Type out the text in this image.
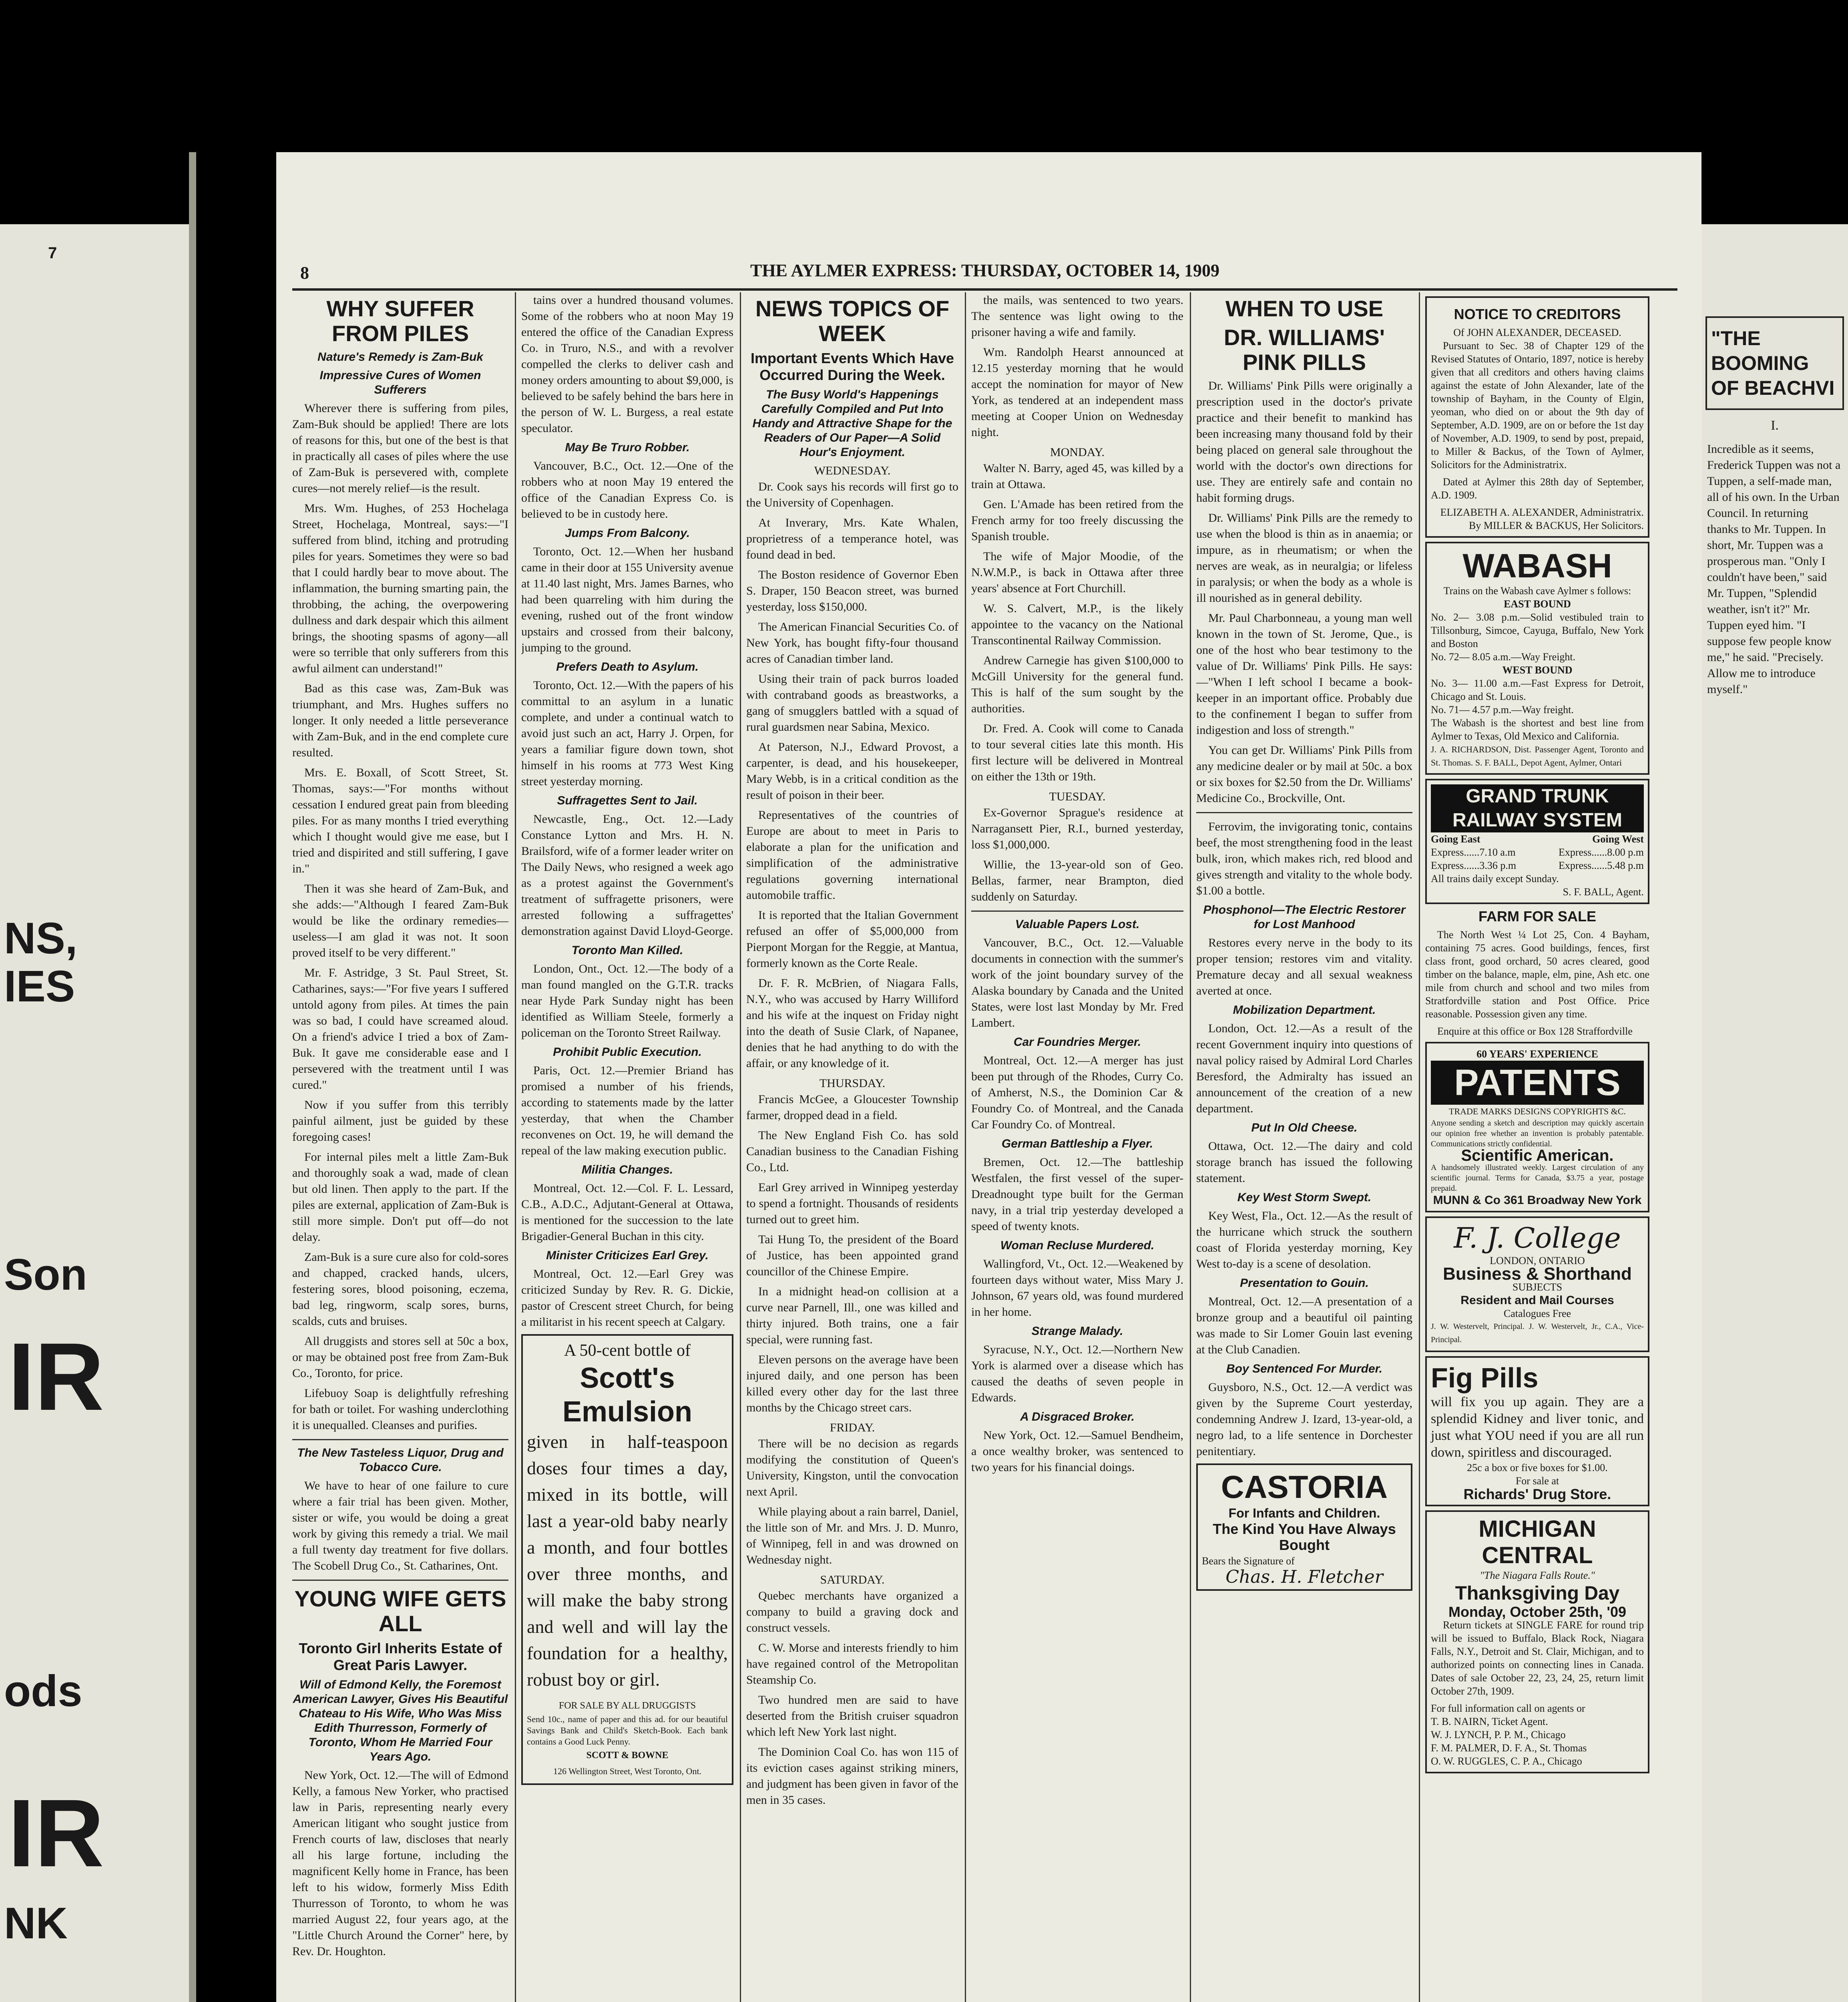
7
NS,
IES
Son
IR
ods
IR
NK
8	THE AYLMER EXPRESS: THURSDAY, OCTOBER 14, 1909
WHY SUFFER FROM PILES
Nature's Remedy is Zam-Buk
Impressive Cures of Women Sufferers

Wherever there is suffering from piles, Zam-Buk should be applied! There are lots of reasons for this, but one of the best is that in practically all cases of piles where the use of Zam-Buk is persevered with, complete cures—not merely relief—is the result.

Mrs. Wm. Hughes, of 253 Hochelaga Street, Hochelaga, Montreal, says:—"I suffered from blind, itching and protruding piles for years. Sometimes they were so bad that I could hardly bear to move about. The inflammation, the burning smarting pain, the throbbing, the aching, the overpowering dullness and dark despair which this ailment brings, the shooting spasms of agony—all were so terrible that only sufferers from this awful ailment can understand!"

Bad as this case was, Zam-Buk was triumphant, and Mrs. Hughes suffers no longer. It only needed a little perseverance with Zam-Buk, and in the end complete cure resulted.

Mrs. E. Boxall, of Scott Street, St. Thomas, says:—"For months without cessation I endured great pain from bleeding piles. For as many months I tried everything which I thought would give me ease, but I tried and dispirited and still suffering, I gave in."

Then it was she heard of Zam-Buk, and she adds:—"Although I feared Zam-Buk would be like the ordinary remedies—useless—I am glad it was not. It soon proved itself to be very different."

Mr. F. Astridge, 3 St. Paul Street, St. Catharines, says:—"For five years I suffered untold agony from piles. At times the pain was so bad, I could have screamed aloud. On a friend's advice I tried a box of Zam-Buk. It gave me considerable ease and I persevered with the treatment until I was cured."

Now if you suffer from this terribly painful ailment, just be guided by these foregoing cases!

For internal piles melt a little Zam-Buk and thoroughly soak a wad, made of clean but old linen. Then apply to the part. If the piles are external, application of Zam-Buk is still more simple. Don't put off—do not delay.

Zam-Buk is a sure cure also for cold-sores and chapped, cracked hands, ulcers, festering sores, blood poisoning, eczema, bad leg, ringworm, scalp sores, burns, scalds, cuts and bruises.

All druggists and stores sell at 50c a box, or may be obtained post free from Zam-Buk Co., Toronto, for price.

Lifebuoy Soap is delightfully refreshing for bath or toilet. For washing underclothing it is unequalled. Cleanses and purifies.

The New Tasteless Liquor, Drug and Tobacco Cure.

We have to hear of one failure to cure where a fair trial has been given. Mother, sister or wife, you would be doing a great work by giving this remedy a trial. We mail a full twenty day treatment for five dollars. The Scobell Drug Co., St. Catharines, Ont.

YOUNG WIFE GETS ALL
Toronto Girl Inherits Estate of Great Paris Lawyer.
Will of Edmond Kelly, the Foremost American Lawyer, Gives His Beautiful Chateau to His Wife, Who Was Miss Edith Thurresson, Formerly of Toronto, Whom He Married Four Years Ago.

New York, Oct. 12.—The will of Edmond Kelly, a famous New Yorker, who practised law in Paris, representing nearly every American litigant who sought justice from French courts of law, discloses that nearly all his large fortune, including the magnificent Kelly home in France, has been left to his widow, formerly Miss Edith Thurresson of Toronto, to whom he was married August 22, four years ago, at the "Little Church Around the Corner" here, by Rev. Dr. Houghton.

tains over a hundred thousand volumes. Some of the robbers who at noon May 19 entered the office of the Canadian Express Co. in Truro, N.S., and with a revolver compelled the clerks to deliver cash and money orders amounting to about $9,000, is believed to be safely behind the bars here in the person of W. L. Burgess, a real estate speculator.

May Be Truro Robber.

Vancouver, B.C., Oct. 12.—One of the robbers who at noon May 19 entered the office of the Canadian Express Co. is believed to be in custody here.

Jumps From Balcony.

Toronto, Oct. 12.—When her husband came in their door at 155 University avenue at 11.40 last night, Mrs. James Barnes, who had been quarreling with him during the evening, rushed out of the front window upstairs and crossed from their balcony, jumping to the ground.

Prefers Death to Asylum.

Toronto, Oct. 12.—With the papers of his committal to an asylum in a lunatic complete, and under a continual watch to avoid just such an act, Harry J. Orpen, for years a familiar figure down town, shot himself in his rooms at 773 West King street yesterday morning.

Suffragettes Sent to Jail.

Newcastle, Eng., Oct. 12.—Lady Constance Lytton and Mrs. H. N. Brailsford, wife of a former leader writer on The Daily News, who resigned a week ago as a protest against the Government's treatment of suffragette prisoners, were arrested following a suffragettes' demonstration against David Lloyd-George.

Toronto Man Killed.

London, Ont., Oct. 12.—The body of a man found mangled on the G.T.R. tracks near Hyde Park Sunday night has been identified as William Steele, formerly a policeman on the Toronto Street Railway.

Prohibit Public Execution.

Paris, Oct. 12.—Premier Briand has promised a number of his friends, according to statements made by the latter yesterday, that when the Chamber reconvenes on Oct. 19, he will demand the repeal of the law making execution public.

Militia Changes.

Montreal, Oct. 12.—Col. F. L. Lessard, C.B., A.D.C., Adjutant-General at Ottawa, is mentioned for the succession to the late Brigadier-General Buchan in this city.

Minister Criticizes Earl Grey.

Montreal, Oct. 12.—Earl Grey was criticized Sunday by Rev. R. G. Dickie, pastor of Crescent street Church, for being a militarist in his recent speech at Calgary.

A 50-cent bottle of
Scott's Emulsion
given in half-teaspoon doses four times a day, mixed in its bottle, will last a year-old baby nearly a month, and four bottles over three months, and will make the baby strong and well and will lay the foundation for a healthy, robust boy or girl.
FOR SALE BY ALL DRUGGISTS
Send 10c., name of paper and this ad. for our beautiful Savings Bank and Child's Sketch-Book. Each bank contains a Good Luck Penny.
SCOTT & BOWNE
126 Wellington Street, West Toronto, Ont.
NEWS TOPICS OF WEEK
Important Events Which Have Occurred During the Week.
The Busy World's Happenings Carefully Compiled and Put Into Handy and Attractive Shape for the Readers of Our Paper—A Solid Hour's Enjoyment.
WEDNESDAY.

Dr. Cook says his records will first go to the University of Copenhagen.

At Inverary, Mrs. Kate Whalen, proprietress of a temperance hotel, was found dead in bed.

The Boston residence of Governor Eben S. Draper, 150 Beacon street, was burned yesterday, loss $150,000.

The American Financial Securities Co. of New York, has bought fifty-four thousand acres of Canadian timber land.

Using their train of pack burros loaded with contraband goods as breastworks, a gang of smugglers battled with a squad of rural guardsmen near Sabina, Mexico.

At Paterson, N.J., Edward Provost, a carpenter, is dead, and his housekeeper, Mary Webb, is in a critical condition as the result of poison in their beer.

Representatives of the countries of Europe are about to meet in Paris to elaborate a plan for the unification and simplification of the administrative regulations governing international automobile traffic.

It is reported that the Italian Government refused an offer of $5,000,000 from Pierpont Morgan for the Reggie, at Mantua, formerly known as the Corte Reale.

Dr. F. R. McBrien, of Niagara Falls, N.Y., who was accused by Harry Williford and his wife at the inquest on Friday night into the death of Susie Clark, of Napanee, denies that he had anything to do with the affair, or any knowledge of it.

THURSDAY.

Francis McGee, a Gloucester Township farmer, dropped dead in a field.

The New England Fish Co. has sold Canadian business to the Canadian Fishing Co., Ltd.

Earl Grey arrived in Winnipeg yesterday to spend a fortnight. Thousands of residents turned out to greet him.

Tai Hung To, the president of the Board of Justice, has been appointed grand councillor of the Chinese Empire.

In a midnight head-on collision at a curve near Parnell, Ill., one was killed and thirty injured. Both trains, one a fair special, were running fast.

Eleven persons on the average have been injured daily, and one person has been killed every other day for the last three months by the Chicago street cars.

FRIDAY.

There will be no decision as regards modifying the constitution of Queen's University, Kingston, until the convocation next April.

While playing about a rain barrel, Daniel, the little son of Mr. and Mrs. J. D. Munro, of Winnipeg, fell in and was drowned on Wednesday night.

SATURDAY.

Quebec merchants have organized a company to build a graving dock and construct vessels.

C. W. Morse and interests friendly to him have regained control of the Metropolitan Steamship Co.

Two hundred men are said to have deserted from the British cruiser squadron which left New York last night.

The Dominion Coal Co. has won 115 of its eviction cases against striking miners, and judgment has been given in favor of the men in 35 cases.

the mails, was sentenced to two years. The sentence was light owing to the prisoner having a wife and family.

Wm. Randolph Hearst announced at 12.15 yesterday morning that he would accept the nomination for mayor of New York, as tendered at an independent mass meeting at Cooper Union on Wednesday night.

MONDAY.

Walter N. Barry, aged 45, was killed by a train at Ottawa.

Gen. L'Amade has been retired from the French army for too freely discussing the Spanish trouble.

The wife of Major Moodie, of the N.W.M.P., is back in Ottawa after three years' absence at Fort Churchill.

W. S. Calvert, M.P., is the likely appointee to the vacancy on the National Transcontinental Railway Commission.

Andrew Carnegie has given $100,000 to McGill University for the general fund. This is half of the sum sought by the authorities.

Dr. Fred. A. Cook will come to Canada to tour several cities late this month. His first lecture will be delivered in Montreal on either the 13th or 19th.

TUESDAY.

Ex-Governor Sprague's residence at Narragansett Pier, R.I., burned yesterday, loss $1,000,000.

Willie, the 13-year-old son of Geo. Bellas, farmer, near Brampton, died suddenly on Saturday.

Valuable Papers Lost.

Vancouver, B.C., Oct. 12.—Valuable documents in connection with the summer's work of the joint boundary survey of the Alaska boundary by Canada and the United States, were lost last Monday by Mr. Fred Lambert.

Car Foundries Merger.

Montreal, Oct. 12.—A merger has just been put through of the Rhodes, Curry Co. of Amherst, N.S., the Dominion Car & Foundry Co. of Montreal, and the Canada Car Foundry Co. of Montreal.

German Battleship a Flyer.

Bremen, Oct. 12.—The battleship Westfalen, the first vessel of the super-Dreadnought type built for the German navy, in a trial trip yesterday developed a speed of twenty knots.

Woman Recluse Murdered.

Wallingford, Vt., Oct. 12.—Weakened by fourteen days without water, Miss Mary J. Johnson, 67 years old, was found murdered in her home.

Strange Malady.

Syracuse, N.Y., Oct. 12.—Northern New York is alarmed over a disease which has caused the deaths of seven people in Edwards.

A Disgraced Broker.

New York, Oct. 12.—Samuel Bendheim, a once wealthy broker, was sentenced to two years for his financial doings.

WHEN TO USE
DR. WILLIAMS' PINK PILLS

Dr. Williams' Pink Pills were originally a prescription used in the doctor's private practice and their benefit to mankind has been increasing many thousand fold by their being placed on general sale throughout the world with the doctor's own directions for use. They are entirely safe and contain no habit forming drugs.

Dr. Williams' Pink Pills are the remedy to use when the blood is thin as in anaemia; or impure, as in rheumatism; or when the nerves are weak, as in neuralgia; or lifeless in paralysis; or when the body as a whole is ill nourished as in general debility.

Mr. Paul Charbonneau, a young man well known in the town of St. Jerome, Que., is one of the host who bear testimony to the value of Dr. Williams' Pink Pills. He says:—"When I left school I became a book-keeper in an important office. Probably due to the confinement I began to suffer from indigestion and loss of strength."

You can get Dr. Williams' Pink Pills from any medicine dealer or by mail at 50c. a box or six boxes for $2.50 from the Dr. Williams' Medicine Co., Brockville, Ont.

Ferrovim, the invigorating tonic, contains beef, the most strengthening food in the least bulk, iron, which makes rich, red blood and gives strength and vitality to the whole body. $1.00 a bottle.

Phosphonol—The Electric Restorer for Lost Manhood

Restores every nerve in the body to its proper tension; restores vim and vitality. Premature decay and all sexual weakness averted at once.

Mobilization Department.

London, Oct. 12.—As a result of the recent Government inquiry into questions of naval policy raised by Admiral Lord Charles Beresford, the Admiralty has issued an announcement of the creation of a new department.

Put In Old Cheese.

Ottawa, Oct. 12.—The dairy and cold storage branch has issued the following statement.

Key West Storm Swept.

Key West, Fla., Oct. 12.—As the result of the hurricane which struck the southern coast of Florida yesterday morning, Key West to-day is a scene of desolation.

Presentation to Gouin.

Montreal, Oct. 12.—A presentation of a bronze group and a beautiful oil painting was made to Sir Lomer Gouin last evening at the Club Canadien.

Boy Sentenced For Murder.

Guysboro, N.S., Oct. 12.—A verdict was given by the Supreme Court yesterday, condemning Andrew J. Izard, 13-year-old, a negro lad, to a life sentence in Dorchester penitentiary.

CASTORIA
For Infants and Children.
The Kind You Have Always Bought
Bears the Signature of
Chas. H. Fletcher
NOTICE TO CREDITORS
Of JOHN ALEXANDER, DECEASED.

Pursuant to Sec. 38 of Chapter 129 of the Revised Statutes of Ontario, 1897, notice is hereby given that all creditors and others having claims against the estate of John Alexander, late of the township of Bayham, in the County of Elgin, yeoman, who died on or about the 9th day of September, A.D. 1909, are on or before the 1st day of November, A.D. 1909, to send by post, prepaid, to Miller & Backus, of the Town of Aylmer, Solicitors for the Administratrix.

Dated at Aylmer this 28th day of September, A.D. 1909.

ELIZABETH A. ALEXANDER, Administratrix.
By MILLER & BACKUS, Her Solicitors.
WABASH
Trains on the Wabash cave Aylmer s follows:
EAST BOUND
No. 2— 3.08 p.m.—Solid vestibuled train to Tillsonburg, Simcoe, Cayuga, Buffalo, New York and Boston
No. 72— 8.05 a.m.—Way Freight.
WEST BOUND
No. 3— 11.00 a.m.—Fast Express for Detroit, Chicago and St. Louis.
No. 71— 4.57 p.m.—Way freight.
The Wabash is the shortest and best line from Aylmer to Texas, Old Mexico and California.
J. A. RICHARDSON, Dist. Passenger Agent, Toronto and St. Thomas. S. F. BALL, Depot Agent, Aylmer, Ontari
GRAND TRUNK RAILWAY SYSTEM
Going East	Going West
Express......7.10 a.m	Express......8.00 p.m
Express......3.36 p.m	Express......5.48 p.m
All trains daily except Sunday.
S. F. BALL, Agent.
FARM FOR SALE

The North West ¼ Lot 25, Con. 4 Bayham, containing 75 acres. Good buildings, fences, first class front, good orchard, 50 acres cleared, good timber on the balance, maple, elm, pine, Ash etc. one mile from church and school and two miles from Stratfordville station and Post Office. Price reasonable. Possession given any time.

Enquire at this office or Box 128 Straffordville

60 YEARS' EXPERIENCE
PATENTS
TRADE MARKS DESIGNS COPYRIGHTS &C.
Anyone sending a sketch and description may quickly ascertain our opinion free whether an invention is probably patentable. Communications strictly confidential.
Scientific American.
A handsomely illustrated weekly. Largest circulation of any scientific journal. Terms for Canada, $3.75 a year, postage prepaid.
MUNN & Co 361 Broadway New York
F. J. College
LONDON, ONTARIO
Business & Shorthand
SUBJECTS
Resident and Mail Courses
Catalogues Free
J. W. Westervelt, Principal. J. W. Westervelt, Jr., C.A., Vice-Principal.
Fig Pills
will fix you up again. They are a splendid Kidney and liver tonic, and just what YOU need if you are all run down, spiritless and discouraged.
25c a box or five boxes for $1.00.
For sale at
Richards' Drug Store.
MICHIGAN CENTRAL
"The Niagara Falls Route."
Thanksgiving Day
Monday, October 25th, '09

Return tickets at SINGLE FARE for round trip will be issued to Buffalo, Black Rock, Niagara Falls, N.Y., Detroit and St. Clair, Michigan, and to authorized points on connecting lines in Canada. Dates of sale October 22, 23, 24, 25, return limit October 27th, 1909.

For full information call on agents or
T. B. NAIRN, Ticket Agent.
W. J. LYNCH, P. P. M., Chicago
F. M. PALMER, D. F. A., St. Thomas
O. W. RUGGLES, C. P. A., Chicago
"THE BOOMING OF BEACHVI
I.
Incredible as it seems, Frederick Tuppen was not a Tuppen, a self-made man, all of his own. In the Urban Council. In returning thanks to Mr. Tuppen. In short, Mr. Tuppen was a prosperous man. "Only I couldn't have been," said Mr. Tuppen, "Splendid weather, isn't it?" Mr. Tuppen eyed him. "I suppose few people know me," he said. "Precisely. Allow me to introduce myself."
